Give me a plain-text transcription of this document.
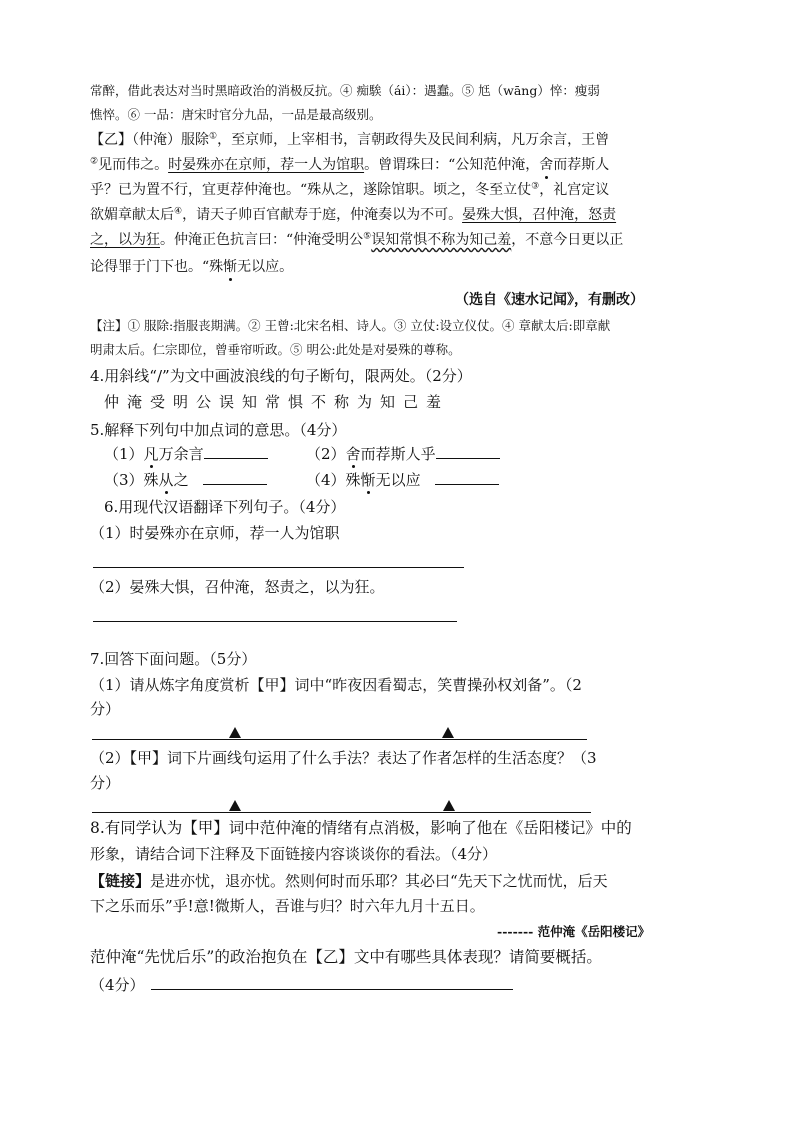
常醉，借此表达对当时黑暗政治的消极反抗。④ 痴騃（ái）：遇蠢。⑤ 尪（wāng）悴：瘦弱
憔悴。⑥ 一品：唐宋时官分九品，一品是最高级别。
【乙】（仲淹）服除①，至京师，上宰相书，言朝政得失及民间利病，凡万余言，王曾
②见而伟之。时晏殊亦在京师，荐一人为馆职。曾谓珠曰：“公知范仲淹，舍而荐斯人
乎？已为置不行，宜更荐仲淹也。“殊从之，遂除馆职。顷之，冬至立仗③，礼宫定议
欲媚章献太后④，请天子帅百官献寿于庭，仲淹奏以为不可。晏殊大惧，召仲淹，怒责
之，以为狂。仲淹正色抗言曰：“仲淹受明公⑤误知常惧不称为知己羞，不意今日更以正
论得罪于门下也。“殊惭无以应。
（选自《速水记闻》，有删改）
【注】① 服除:指服丧期满。② 王曾:北宋名相、诗人。③ 立仗:设立仪仗。④ 章献太后:即章献
明肃太后。仁宗即位，曾垂帘听政。⑤ 明公:此处是对晏殊的尊称。
4.用斜线“/”为文中画波浪线的句子断句，限两处。（2分）
仲淹受明公误知常惧不称为知己羞
5.解释下列句中加点词的意思。（4分）
（1）凡万余言	（2）舍而荐斯人乎
（3）殊从之	（4）殊惭无以应
6.用现代汉语翻译下列句子。（4分）
（1）时晏殊亦在京师，荐一人为馆职
（2）晏殊大惧，召仲淹，怒责之，以为狂。
7.回答下面问题。（5分）
（1）请从炼字角度赏析【甲】词中“昨夜因看蜀志，笑曹操孙权刘备”。（2
分）
（2）【甲】词下片画线句运用了什么手法？表达了作者怎样的生活态度？（3
分）
8.有同学认为【甲】词中范仲淹的情绪有点消极，影响了他在《岳阳楼记》中的
形象，请结合词下注释及下面链接内容谈谈你的看法。（4分）
【链接】是进亦忧，退亦忧。然则何时而乐耶？其必曰“先天下之忧而忧，后天
下之乐而乐”乎!意!微斯人，吾谁与归？时六年九月十五日。
------- 范仲淹《岳阳楼记》
范仲淹“先忧后乐”的政治抱负在【乙】文中有哪些具体表现？请简要概括。
（4分）
